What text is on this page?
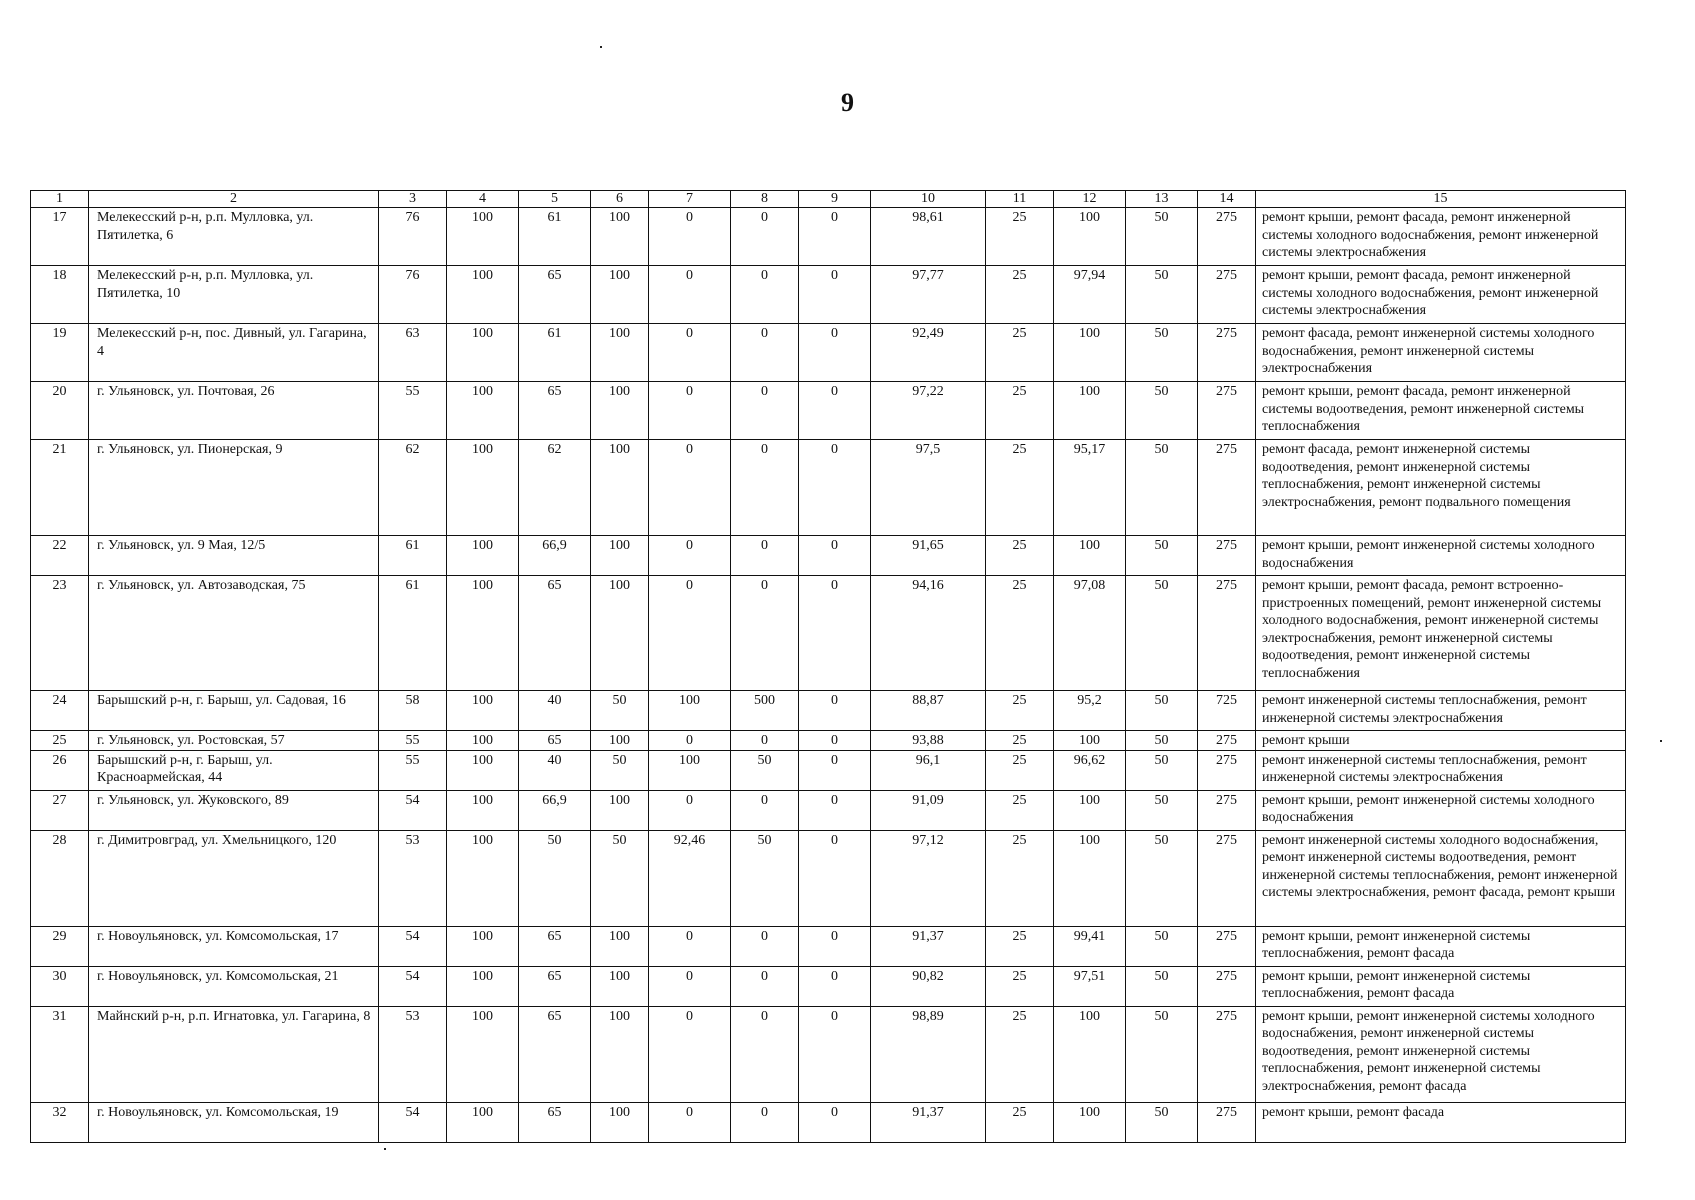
9
1	2	3	4	5	6	7	8	9	10	11	12	13	14	15
17	Мелекесский р-н, р.п. Мулловка, ул. Пятилетка, 6	76	100	61	100	0	0	0	98,61	25	100	50	275	ремонт крыши, ремонт фасада, ремонт инженерной системы холодного водоснабжения, ремонт инженерной системы электроснабжения
18	Мелекесский р-н, р.п. Мулловка, ул. Пятилетка, 10	76	100	65	100	0	0	0	97,77	25	97,94	50	275	ремонт крыши, ремонт фасада, ремонт инженерной системы холодного водоснабжения, ремонт инженерной системы электроснабжения
19	Мелекесский р-н, пос. Дивный, ул. Гагарина, 4	63	100	61	100	0	0	0	92,49	25	100	50	275	ремонт фасада, ремонт инженерной системы холодного водоснабжения, ремонт инженерной системы электроснабжения
20	г. Ульяновск, ул. Почтовая, 26	55	100	65	100	0	0	0	97,22	25	100	50	275	ремонт крыши, ремонт фасада, ремонт инженерной системы водоотведения, ремонт инженерной системы теплоснабжения
21	г. Ульяновск, ул. Пионерская, 9	62	100	62	100	0	0	0	97,5	25	95,17	50	275	ремонт фасада, ремонт инженерной системы водоотведения, ремонт инженерной системы теплоснабжения, ремонт инженерной системы электроснабжения, ремонт подвального помещения
22	г. Ульяновск, ул. 9 Мая, 12/5	61	100	66,9	100	0	0	0	91,65	25	100	50	275	ремонт крыши, ремонт инженерной системы холодного водоснабжения
23	г. Ульяновск, ул. Автозаводская, 75	61	100	65	100	0	0	0	94,16	25	97,08	50	275	ремонт крыши, ремонт фасада, ремонт встроенно-пристроенных помещений, ремонт инженерной системы холодного водоснабжения, ремонт инженерной системы электроснабжения, ремонт инженерной системы водоотведения, ремонт инженерной системы теплоснабжения
24	Барышский р-н, г. Барыш, ул. Садовая, 16	58	100	40	50	100	500	0	88,87	25	95,2	50	725	ремонт инженерной системы теплоснабжения, ремонт инженерной системы электроснабжения
25	г. Ульяновск, ул. Ростовская, 57	55	100	65	100	0	0	0	93,88	25	100	50	275	ремонт крыши
26	Барышский р-н, г. Барыш, ул. Красноармейская, 44	55	100	40	50	100	50	0	96,1	25	96,62	50	275	ремонт инженерной системы теплоснабжения, ремонт инженерной системы электроснабжения
27	г. Ульяновск, ул. Жуковского, 89	54	100	66,9	100	0	0	0	91,09	25	100	50	275	ремонт крыши, ремонт инженерной системы холодного водоснабжения
28	г. Димитровград, ул. Хмельницкого, 120	53	100	50	50	92,46	50	0	97,12	25	100	50	275	ремонт инженерной системы холодного водоснабжения, ремонт инженерной системы водоотведения, ремонт инженерной системы теплоснабжения, ремонт инженерной системы электроснабжения, ремонт фасада, ремонт крыши
29	г. Новоульяновск, ул. Комсомольская, 17	54	100	65	100	0	0	0	91,37	25	99,41	50	275	ремонт крыши, ремонт инженерной системы теплоснабжения, ремонт фасада
30	г. Новоульяновск, ул. Комсомольская, 21	54	100	65	100	0	0	0	90,82	25	97,51	50	275	ремонт крыши, ремонт инженерной системы теплоснабжения, ремонт фасада
31	Майнский р-н, р.п. Игнатовка, ул. Гагарина, 8	53	100	65	100	0	0	0	98,89	25	100	50	275	ремонт крыши, ремонт инженерной системы холодного водоснабжения, ремонт инженерной системы водоотведения, ремонт инженерной системы теплоснабжения, ремонт инженерной системы электроснабжения, ремонт фасада
32	г. Новоульяновск, ул. Комсомольская, 19	54	100	65	100	0	0	0	91,37	25	100	50	275	ремонт крыши, ремонт фасада
